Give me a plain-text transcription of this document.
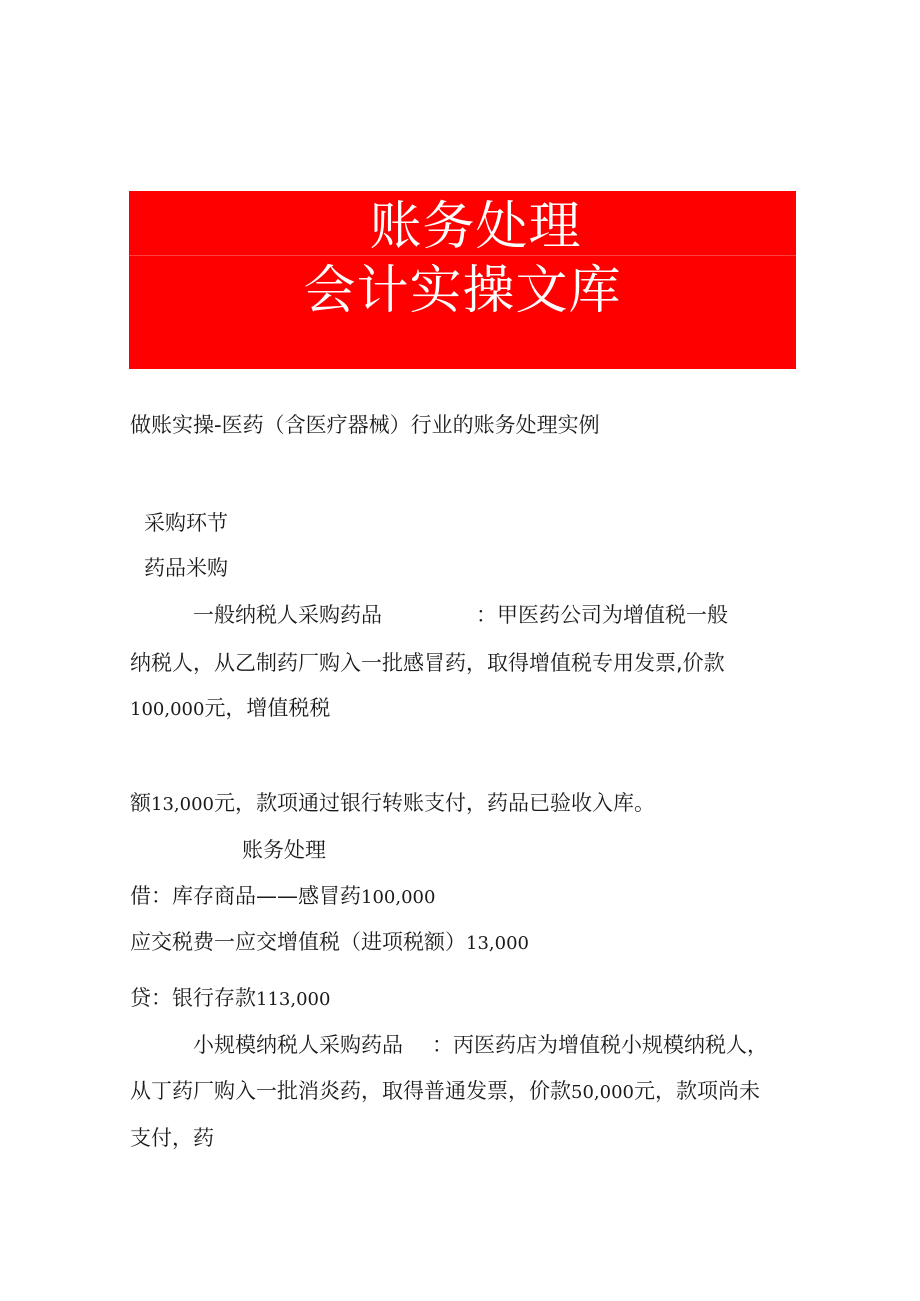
账务处理
会计实操文库
做账实操-医药（含医疗器械）行业的账务处理实例
采购环节
药品米购
一般纳税人采购药品	：甲医药公司为增值税一般
纳税人，从乙制药厂购入一批感冒药，取得增值税专用发票,价款
100,000元，增值税税
额13,000元，款项通过银行转账支付，药品已验收入库。
账务处理
借：库存商品——感冒药100,000
应交税费一应交增值税（进项税额）13,000
贷：银行存款113,000
小规模纳税人采购药品 ：丙医药店为增值税小规模纳税人，
从丁药厂购入一批消炎药，取得普通发票，价款50,000元，款项尚未
支付，药
